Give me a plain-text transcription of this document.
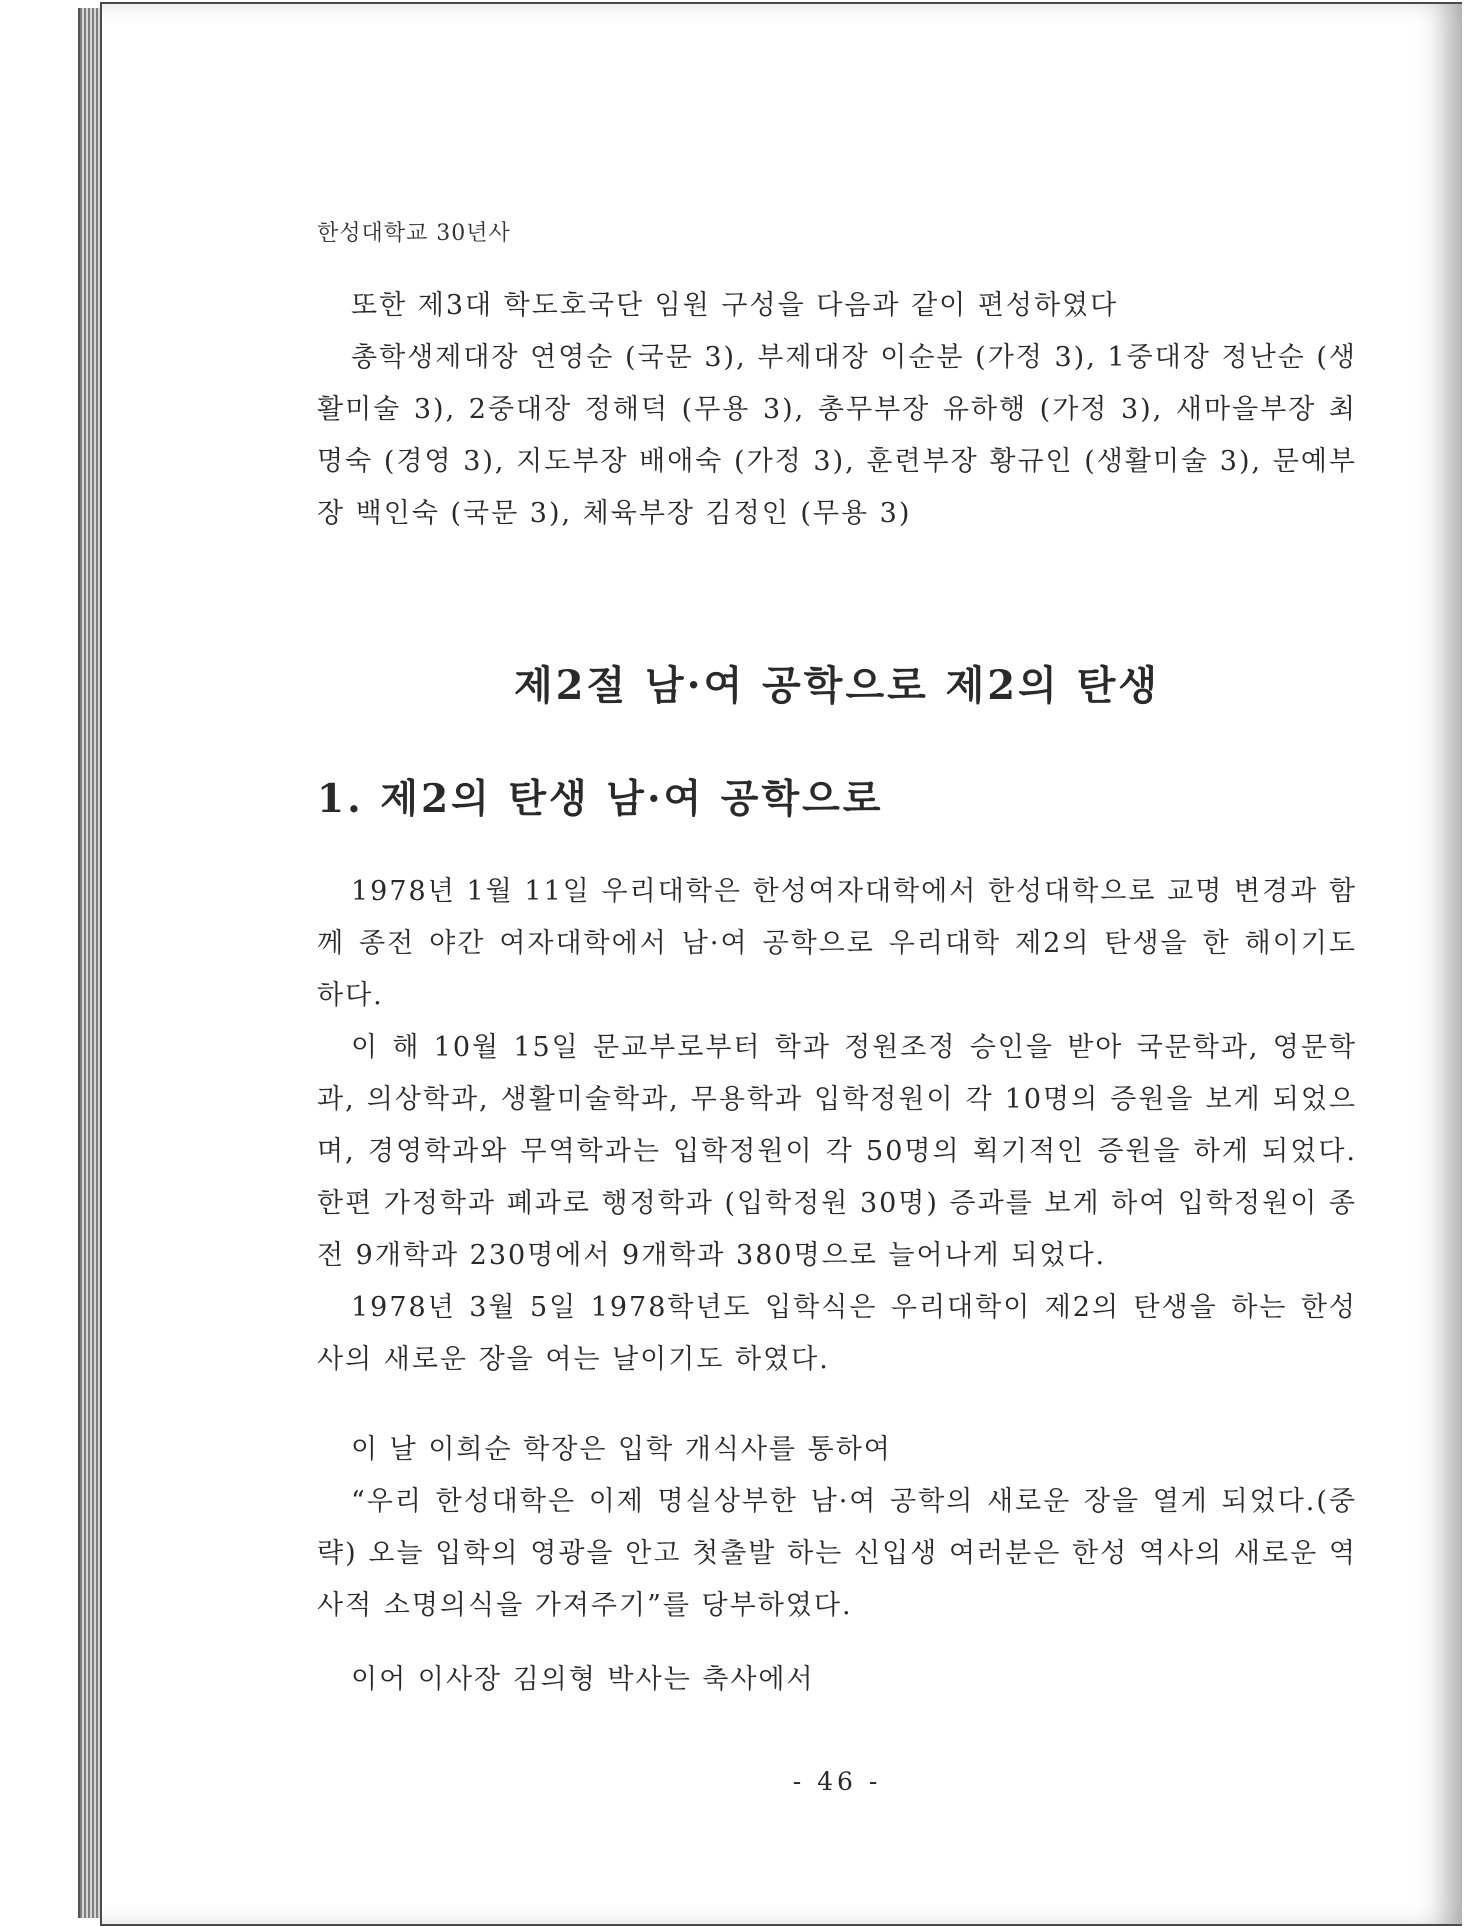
한성대학교 30년사

또한 제3대 학도호국단 임원 구성을 다음과 같이 편성하였다

총학생제대장 연영순 (국문 3), 부제대장 이순분 (가정 3), 1중대장 정난순 (생활미술 3), 2중대장 정해덕 (무용 3), 총무부장 유하행 (가정 3), 새마을부장 최명숙 (경영 3), 지도부장 배애숙 (가정 3), 훈련부장 황규인 (생활미술 3), 문예부장 백인숙 (국문 3), 체육부장 김정인 (무용 3)

제2절 남·여 공학으로 제2의 탄생
1. 제2의 탄생 남·여 공학으로

1978년 1월 11일 우리대학은 한성여자대학에서 한성대학으로 교명 변경과 함께 종전 야간 여자대학에서 남·여 공학으로 우리대학 제2의 탄생을 한 해이기도 하다.

이 해 10월 15일 문교부로부터 학과 정원조정 승인을 받아 국문학과, 영문학과, 의상학과, 생활미술학과, 무용학과 입학정원이 각 10명의 증원을 보게 되었으며, 경영학과와 무역학과는 입학정원이 각 50명의 획기적인 증원을 하게 되었다. 한편 가정학과 폐과로 행정학과 (입학정원 30명) 증과를 보게 하여 입학정원이 종전 9개학과 230명에서 9개학과 380명으로 늘어나게 되었다.

1978년 3월 5일 1978학년도 입학식은 우리대학이 제2의 탄생을 하는 한성사의 새로운 장을 여는 날이기도 하였다.

이 날 이희순 학장은 입학 개식사를 통하여

“우리 한성대학은 이제 명실상부한 남·여 공학의 새로운 장을 열게 되었다.(중략) 오늘 입학의 영광을 안고 첫출발 하는 신입생 여러분은 한성 역사의 새로운 역사적 소명의식을 가져주기”를 당부하였다.

이어 이사장 김의형 박사는 축사에서

- 46 -
